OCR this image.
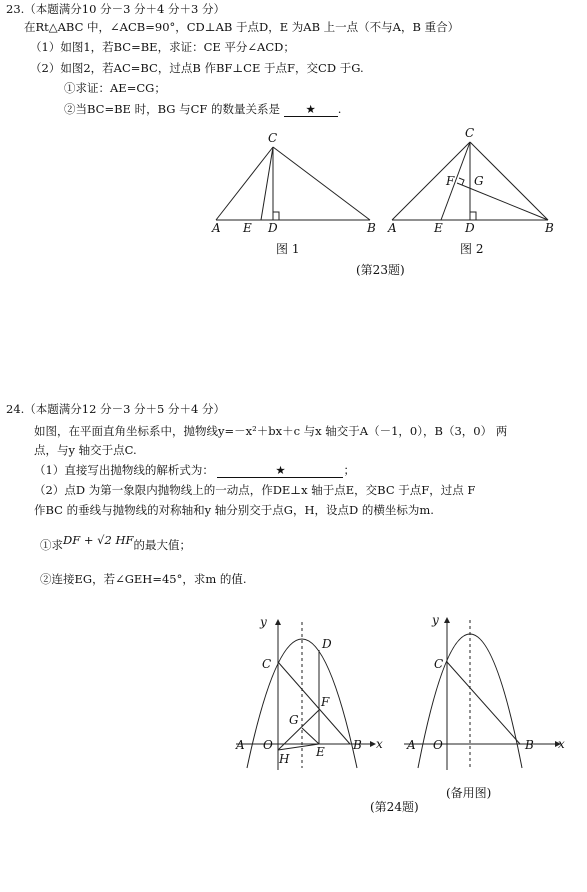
23.（本题满分10 分－3 分＋4 分＋3 分）
在Rt△ABC 中，∠ACB=90°，CD⊥AB 于点D，E 为AB 上一点（不与A，B 重合）
（1）如图1，若BC=BE，求证：CE 平分∠ACD；
（2）如图2，若AC=BC，过点B 作BF⊥CE 于点F，交CD 于G.
①求证：AE=CG；
②当BC=BE 时，BG 与CF 的数量关系是 ★ .
A E D	B
C
A	E D	B
C
F G
图 1	图 2
(第23题)
24.（本题满分12 分－3 分＋5 分＋4 分）
如图，在平面直角坐标系中，抛物线y=－x²＋bx＋c 与x 轴交于A（－1，0），B（3，0） 两
点，与y 轴交于点C.
（1）直接写出抛物线的解析式为：	★	；
（2）点D 为第一象限内抛物线上的一动点，作DE⊥x 轴于点E，交BC 于点F，过点 F
作BC 的垂线与抛物线的对称轴和y 轴分别交于点G，H，设点D 的横坐标为m.
①求DF + √2 HF的最大值；
②连接EG，若∠GEH=45°，求m 的值.
y
x
O
A	B
C
D
E
F
G
H
y
x
O
A	B
C
(备用图)
(第24题)
